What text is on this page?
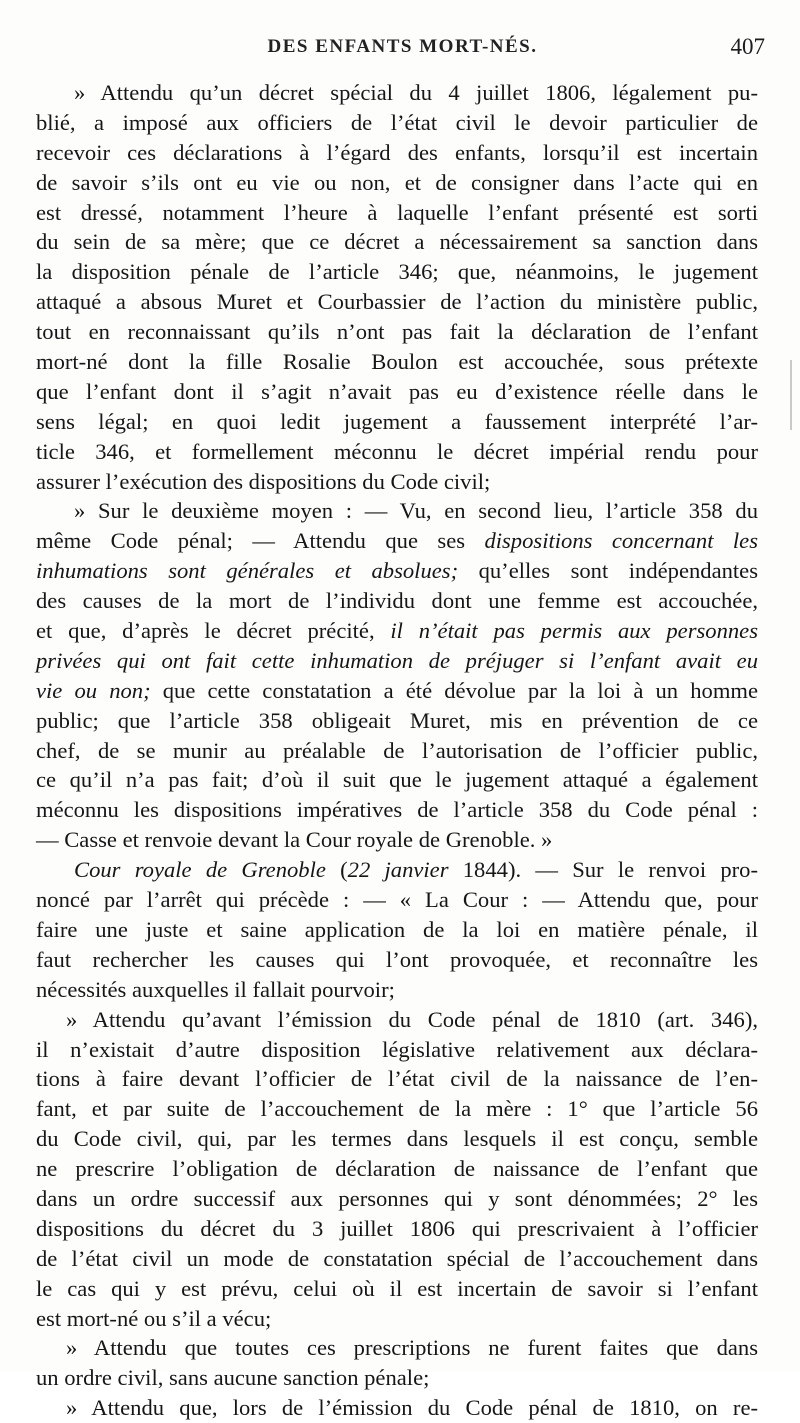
DES ENFANTS MORT-NÉS.	407
» Attendu qu’un décret spécial du 4 juillet 1806, légalement pu-
blié, a imposé aux officiers de l’état civil le devoir particulier de
recevoir ces déclarations à l’égard des enfants, lorsqu’il est incertain
de savoir s’ils ont eu vie ou non, et de consigner dans l’acte qui en
est dressé, notamment l’heure à laquelle l’enfant présenté est sorti
du sein de sa mère; que ce décret a nécessairement sa sanction dans
la disposition pénale de l’article 346; que, néanmoins, le jugement
attaqué a absous Muret et Courbassier de l’action du ministère public,
tout en reconnaissant qu’ils n’ont pas fait la déclaration de l’enfant
mort-né dont la fille Rosalie Boulon est accouchée, sous prétexte
que l’enfant dont il s’agit n’avait pas eu d’existence réelle dans le
sens légal; en quoi ledit jugement a faussement interprété l’ar-
ticle 346, et formellement méconnu le décret impérial rendu pour
assurer l’exécution des dispositions du Code civil;
» Sur le deuxième moyen : — Vu, en second lieu, l’article 358 du
même Code pénal; — Attendu que ses dispositions concernant les
inhumations sont générales et absolues; qu’elles sont indépendantes
des causes de la mort de l’individu dont une femme est accouchée,
et que, d’après le décret précité, il n’était pas permis aux personnes
privées qui ont fait cette inhumation de préjuger si l’enfant avait eu
vie ou non; que cette constatation a été dévolue par la loi à un homme
public; que l’article 358 obligeait Muret, mis en prévention de ce
chef, de se munir au préalable de l’autorisation de l’officier public,
ce qu’il n’a pas fait; d’où il suit que le jugement attaqué a également
méconnu les dispositions impératives de l’article 358 du Code pénal :
— Casse et renvoie devant la Cour royale de Grenoble. »
Cour royale de Grenoble (22 janvier 1844). — Sur le renvoi pro-
noncé par l’arrêt qui précède : — « La Cour : — Attendu que, pour
faire une juste et saine application de la loi en matière pénale, il
faut rechercher les causes qui l’ont provoquée, et reconnaître les
nécessités auxquelles il fallait pourvoir;
» Attendu qu’avant l’émission du Code pénal de 1810 (art. 346),
il n’existait d’autre disposition législative relativement aux déclara-
tions à faire devant l’officier de l’état civil de la naissance de l’en-
fant, et par suite de l’accouchement de la mère : 1° que l’article 56
du Code civil, qui, par les termes dans lesquels il est conçu, semble
ne prescrire l’obligation de déclaration de naissance de l’enfant que
dans un ordre successif aux personnes qui y sont dénommées; 2° les
dispositions du décret du 3 juillet 1806 qui prescrivaient à l’officier
de l’état civil un mode de constatation spécial de l’accouchement dans
le cas qui y est prévu, celui où il est incertain de savoir si l’enfant
est mort-né ou s’il a vécu;
» Attendu que toutes ces prescriptions ne furent faites que dans
un ordre civil, sans aucune sanction pénale;
» Attendu que, lors de l’émission du Code pénal de 1810, on re-
